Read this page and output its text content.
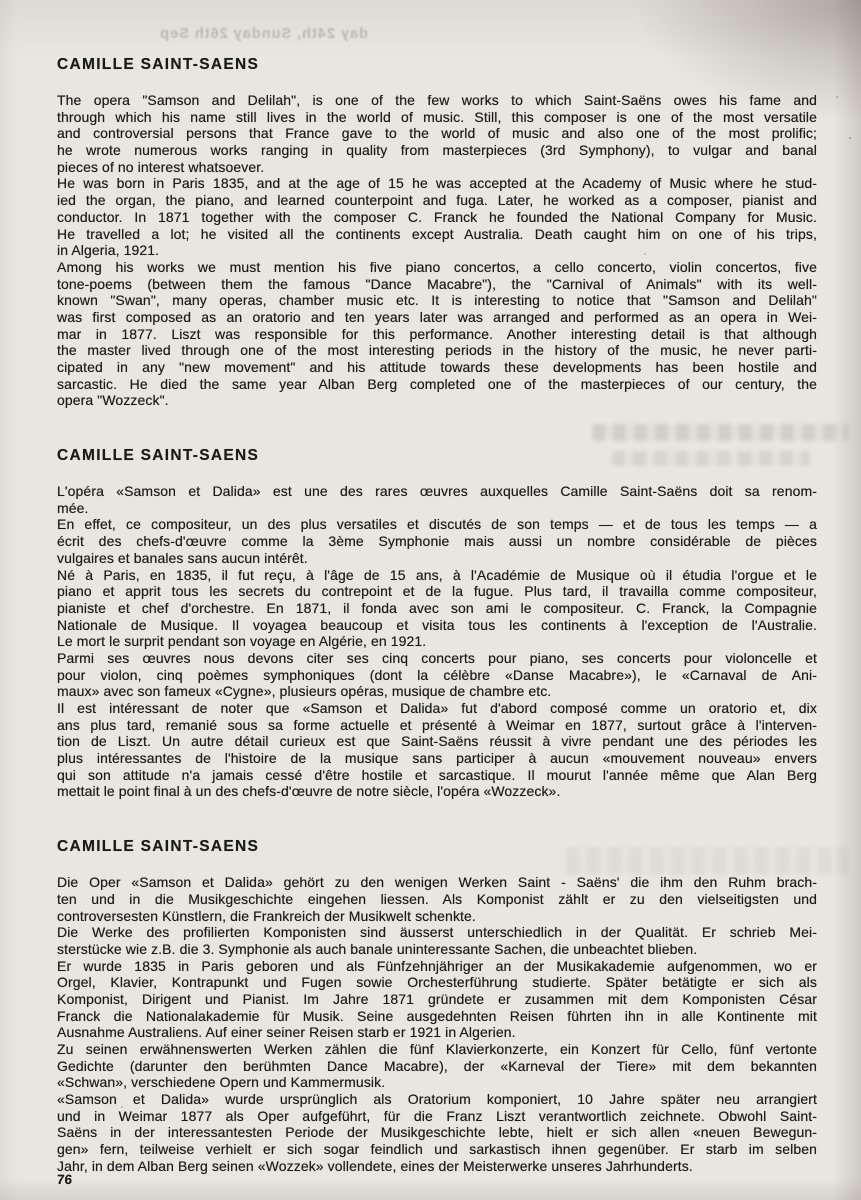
day 24th, Sunday 26th Sep
CAMILLE SAINT-SAENS
The opera "Samson and Delilah", is one of the few works to which Saint-Saëns owes his fame and
through which his name still lives in the world of music. Still, this composer is one of the most versatile
and controversial persons that France gave to the world of music and also one of the most prolific;
he wrote numerous works ranging in quality from masterpieces (3rd Symphony), to vulgar and banal
pieces of no interest whatsoever.
He was born in Paris 1835, and at the age of 15 he was accepted at the Academy of Music where he stud-
ied the organ, the piano, and learned counterpoint and fuga. Later, he worked as a composer, pianist and
conductor. In 1871 together with the composer C. Franck he founded the National Company for Music.
He travelled a lot; he visited all the continents except Australia. Death caught him on one of his trips,
in Algeria, 1921.
Among his works we must mention his five piano concertos, a cello concerto, violin concertos, five
tone-poems (between them the famous "Dance Macabre"), the "Carnival of Animals" with its well-
known "Swan", many operas, chamber music etc. It is interesting to notice that "Samson and Delilah"
was first composed as an oratorio and ten years later was arranged and performed as an opera in Wei-
mar in 1877. Liszt was responsible for this performance. Another interesting detail is that although
the master lived through one of the most interesting periods in the history of the music, he never parti-
cipated in any "new movement" and his attitude towards these developments has been hostile and
sarcastic. He died the same year Alban Berg completed one of the masterpieces of our century, the
opera "Wozzeck".
CAMILLE SAINT-SAENS
L'opéra «Samson et Dalida» est une des rares œuvres auxquelles Camille Saint-Saëns doit sa renom-
mée.
En effet, ce compositeur, un des plus versatiles et discutés de son temps — et de tous les temps — a
écrit des chefs-d'œuvre comme la 3ème Symphonie mais aussi un nombre considérable de pièces
vulgaires et banales sans aucun intérêt.
Né à Paris, en 1835, il fut reçu, à l'âge de 15 ans, à l'Académie de Musique où il étudia l'orgue et le
piano et apprit tous les secrets du contrepoint et de la fugue. Plus tard, il travailla comme compositeur,
pianiste et chef d'orchestre. En 1871, il fonda avec son ami le compositeur. C. Franck, la Compagnie
Nationale de Musique. Il voyagea beaucoup et visita tous les continents à l'exception de l'Australie.
Le mort le surprit pendant son voyage en Algérie, en 1921.
Parmi ses œuvres nous devons citer ses cinq concerts pour piano, ses concerts pour violoncelle et
pour violon, cinq poèmes symphoniques (dont la célèbre «Danse Macabre»), le «Carnaval de Ani-
maux» avec son fameux «Cygne», plusieurs opéras, musique de chambre etc.
Il est intéressant de noter que «Samson et Dalida» fut d'abord composé comme un oratorio et, dix
ans plus tard, remanié sous sa forme actuelle et présenté à Weimar en 1877, surtout grâce à l'interven-
tion de Liszt. Un autre détail curieux est que Saint-Saëns réussit à vivre pendant une des périodes les
plus intéressantes de l'histoire de la musique sans participer à aucun «mouvement nouveau» envers
qui son attitude n'a jamais cessé d'être hostile et sarcastique. Il mourut l'année même que Alan Berg
mettait le point final à un des chefs-d'œuvre de notre siècle, l'opéra «Wozzeck».
CAMILLE SAINT-SAENS
Die Oper «Samson et Dalida» gehört zu den wenigen Werken Saint - Saëns' die ihm den Ruhm brach-
ten und in die Musikgeschichte eingehen liessen. Als Komponist zählt er zu den vielseitigsten und
controversesten Künstlern, die Frankreich der Musikwelt schenkte.
Die Werke des profilierten Komponisten sind äusserst unterschiedlich in der Qualität. Er schrieb Mei-
sterstücke wie z.B. die 3. Symphonie als auch banale uninteressante Sachen, die unbeachtet blieben.
Er wurde 1835 in Paris geboren und als Fünfzehnjähriger an der Musikakademie aufgenommen, wo er
Orgel, Klavier, Kontrapunkt und Fugen sowie Orchesterführung studierte. Später betätigte er sich als
Komponist, Dirigent und Pianist. Im Jahre 1871 gründete er zusammen mit dem Komponisten César
Franck die Nationalakademie für Musik. Seine ausgedehnten Reisen führten ihn in alle Kontinente mit
Ausnahme Australiens. Auf einer seiner Reisen starb er 1921 in Algerien.
Zu seinen erwähnenswerten Werken zählen die fünf Klavierkonzerte, ein Konzert für Cello, fünf vertonte
Gedichte (darunter den berühmten Dance Macabre), der «Karneval der Tiere» mit dem bekannten
«Schwan», verschiedene Opern und Kammermusik.
«Samson et Dalida» wurde ursprünglich als Oratorium komponiert, 10 Jahre später neu arrangiert
und in Weimar 1877 als Oper aufgeführt, für die Franz Liszt verantwortlich zeichnete. Obwohl Saint-
Saëns in der interessantesten Periode der Musikgeschichte lebte, hielt er sich allen «neuen Bewegun-
gen» fern, teilweise verhielt er sich sogar feindlich und sarkastisch ihnen gegenüber. Er starb im selben
Jahr, in dem Alban Berg seinen «Wozzek» vollendete, eines der Meisterwerke unseres Jahrhunderts.
76
